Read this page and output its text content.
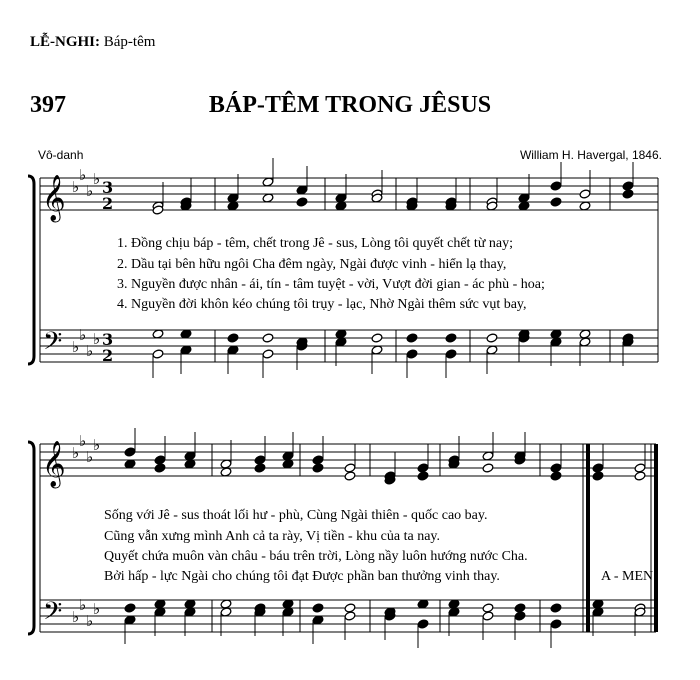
LỄ-NGHI: Báp-têm
397	BÁP-TÊM TRONG JÊSUS
Vô-danh	William H. Havergal, 1846.
𝄞
𝄢
♭
♭
♭
♭
♭
♭
♭
♭
3
2
3
2
𝄞
𝄢
♭
♭
♭
♭
♭
♭
♭
♭
1. Đồng chịu báp - têm, chết trong Jê - sus, Lòng tôi quyết chết từ nay;
2. Dầu tại bên hữu ngôi Cha đêm ngày, Ngài được vinh - hiển lạ thay,
3. Nguyền được nhân - ái, tín - tâm tuyệt - vời, Vượt đời gian - ác phù - hoa;
4. Nguyền đời khôn kéo chúng tôi trụy - lạc, Nhờ Ngài thêm sức vụt bay,
Sống với Jê - sus thoát lối hư - phù, Cùng Ngài thiên - quốc cao bay.
Cũng vẫn xưng mình Anh cả ta rày, Vị tiền - khu của ta nay.
Quyết chứa muôn vàn châu - báu trên trời, Lòng nầy luôn hướng nước Cha.
Bởi hấp - lực Ngài cho chúng tôi đạt Được phần ban thưởng vinh thay.	A - MEN.
